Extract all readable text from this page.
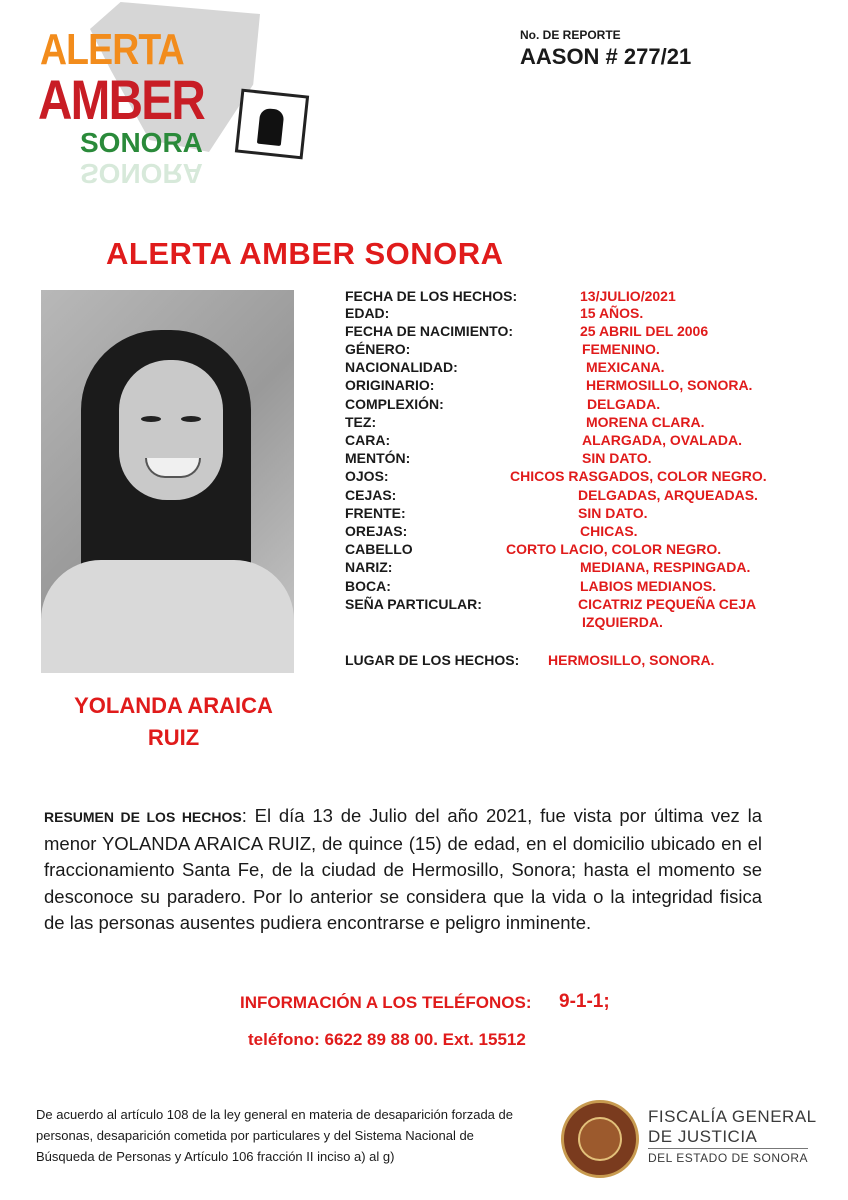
ALERTA
AMBER
SONORA
SONORA
No. DE REPORTE
AASON # 277/21
ALERTA AMBER SONORA
YOLANDA ARAICA
RUIZ
FECHA DE LOS HECHOS:	13/JULIO/2021
EDAD:	15 AÑOS.
FECHA DE NACIMIENTO:	25 ABRIL DEL 2006
GÉNERO:	FEMENINO.
NACIONALIDAD:	MEXICANA.
ORIGINARIO:	HERMOSILLO, SONORA.
COMPLEXIÓN:	DELGADA.
TEZ:	MORENA CLARA.
CARA:	ALARGADA, OVALADA.
MENTÓN:	SIN DATO.
OJOS:	CHICOS RASGADOS, COLOR NEGRO.
CEJAS:	DELGADAS, ARQUEADAS.
FRENTE:	SIN DATO.
OREJAS:	CHICAS.
CABELLO	CORTO LACIO, COLOR NEGRO.
NARIZ:	MEDIANA, RESPINGADA.
BOCA:	LABIOS MEDIANOS.
SEÑA PARTICULAR:	CICATRIZ PEQUEÑA CEJA
IZQUIERDA.
LUGAR DE LOS HECHOS: HERMOSILLO, SONORA.
RESUMEN DE LOS HECHOS: El día 13 de Julio del año 2021, fue vista por última vez la menor YOLANDA ARAICA RUIZ, de quince (15) de edad, en el domicilio ubicado en el fraccionamiento Santa Fe, de la ciudad de Hermosillo, Sonora; hasta el momento se desconoce su paradero. Por lo anterior se considera que la vida o la integridad fisica de las personas ausentes pudiera encontrarse e peligro inminente.
INFORMACIÓN A LOS TELÉFONOS: 9-1-1;
teléfono: 6622 89 88 00. Ext. 15512
De acuerdo al artículo 108 de la ley general en materia de desaparición forzada de personas, desaparición cometida por particulares y del Sistema Nacional de Búsqueda de Personas y Artículo 106 fracción II inciso a) al g)
FISCALÍA GENERAL
DE JUSTICIA
DEL ESTADO DE SONORA
